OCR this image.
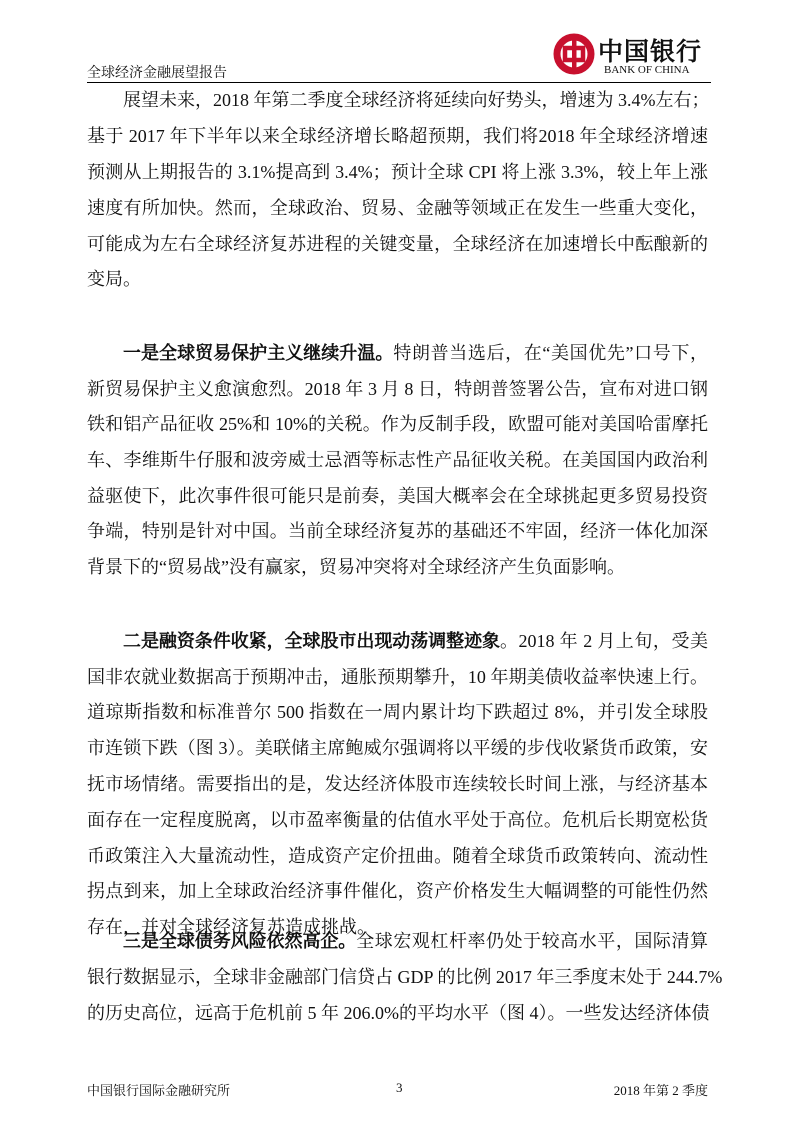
全球经济金融展望报告
中国银行
BANK OF CHINA
展望未来，2018 年第二季度全球经济将延续向好势头，增速为 3.4%左右；
基于 2017 年下半年以来全球经济增长略超预期，我们将2018 年全球经济增速
预测从上期报告的 3.1%提高到 3.4%；预计全球 CPI 将上涨 3.3%，较上年上涨
速度有所加快。然而，全球政治、贸易、金融等领域正在发生一些重大变化，
可能成为左右全球经济复苏进程的关键变量，全球经济在加速增长中酝酿新的
变局。
一是全球贸易保护主义继续升温。特朗普当选后，在“美国优先”口号下，
新贸易保护主义愈演愈烈。2018 年 3 月 8 日，特朗普签署公告，宣布对进口钢
铁和铝产品征收 25%和 10%的关税。作为反制手段，欧盟可能对美国哈雷摩托
车、李维斯牛仔服和波旁威士忌酒等标志性产品征收关税。在美国国内政治利
益驱使下，此次事件很可能只是前奏，美国大概率会在全球挑起更多贸易投资
争端，特别是针对中国。当前全球经济复苏的基础还不牢固，经济一体化加深
背景下的“贸易战”没有赢家，贸易冲突将对全球经济产生负面影响。
二是融资条件收紧，全球股市出现动荡调整迹象。2018 年 2 月上旬，受美
国非农就业数据高于预期冲击，通胀预期攀升，10 年期美债收益率快速上行。
道琼斯指数和标准普尔 500 指数在一周内累计均下跌超过 8%，并引发全球股
市连锁下跌（图 3）。美联储主席鲍威尔强调将以平缓的步伐收紧货币政策，安
抚市场情绪。需要指出的是，发达经济体股市连续较长时间上涨，与经济基本
面存在一定程度脱离，以市盈率衡量的估值水平处于高位。危机后长期宽松货
币政策注入大量流动性，造成资产定价扭曲。随着全球货币政策转向、流动性
拐点到来，加上全球政治经济事件催化，资产价格发生大幅调整的可能性仍然
存在，并对全球经济复苏造成挑战。
三是全球债务风险依然高企。全球宏观杠杆率仍处于较高水平，国际清算
银行数据显示，全球非金融部门信贷占 GDP 的比例 2017 年三季度末处于 244.7%
的历史高位，远高于危机前 5 年 206.0%的平均水平（图 4）。一些发达经济体债
中国银行国际金融研究所	3	2018 年第 2 季度
